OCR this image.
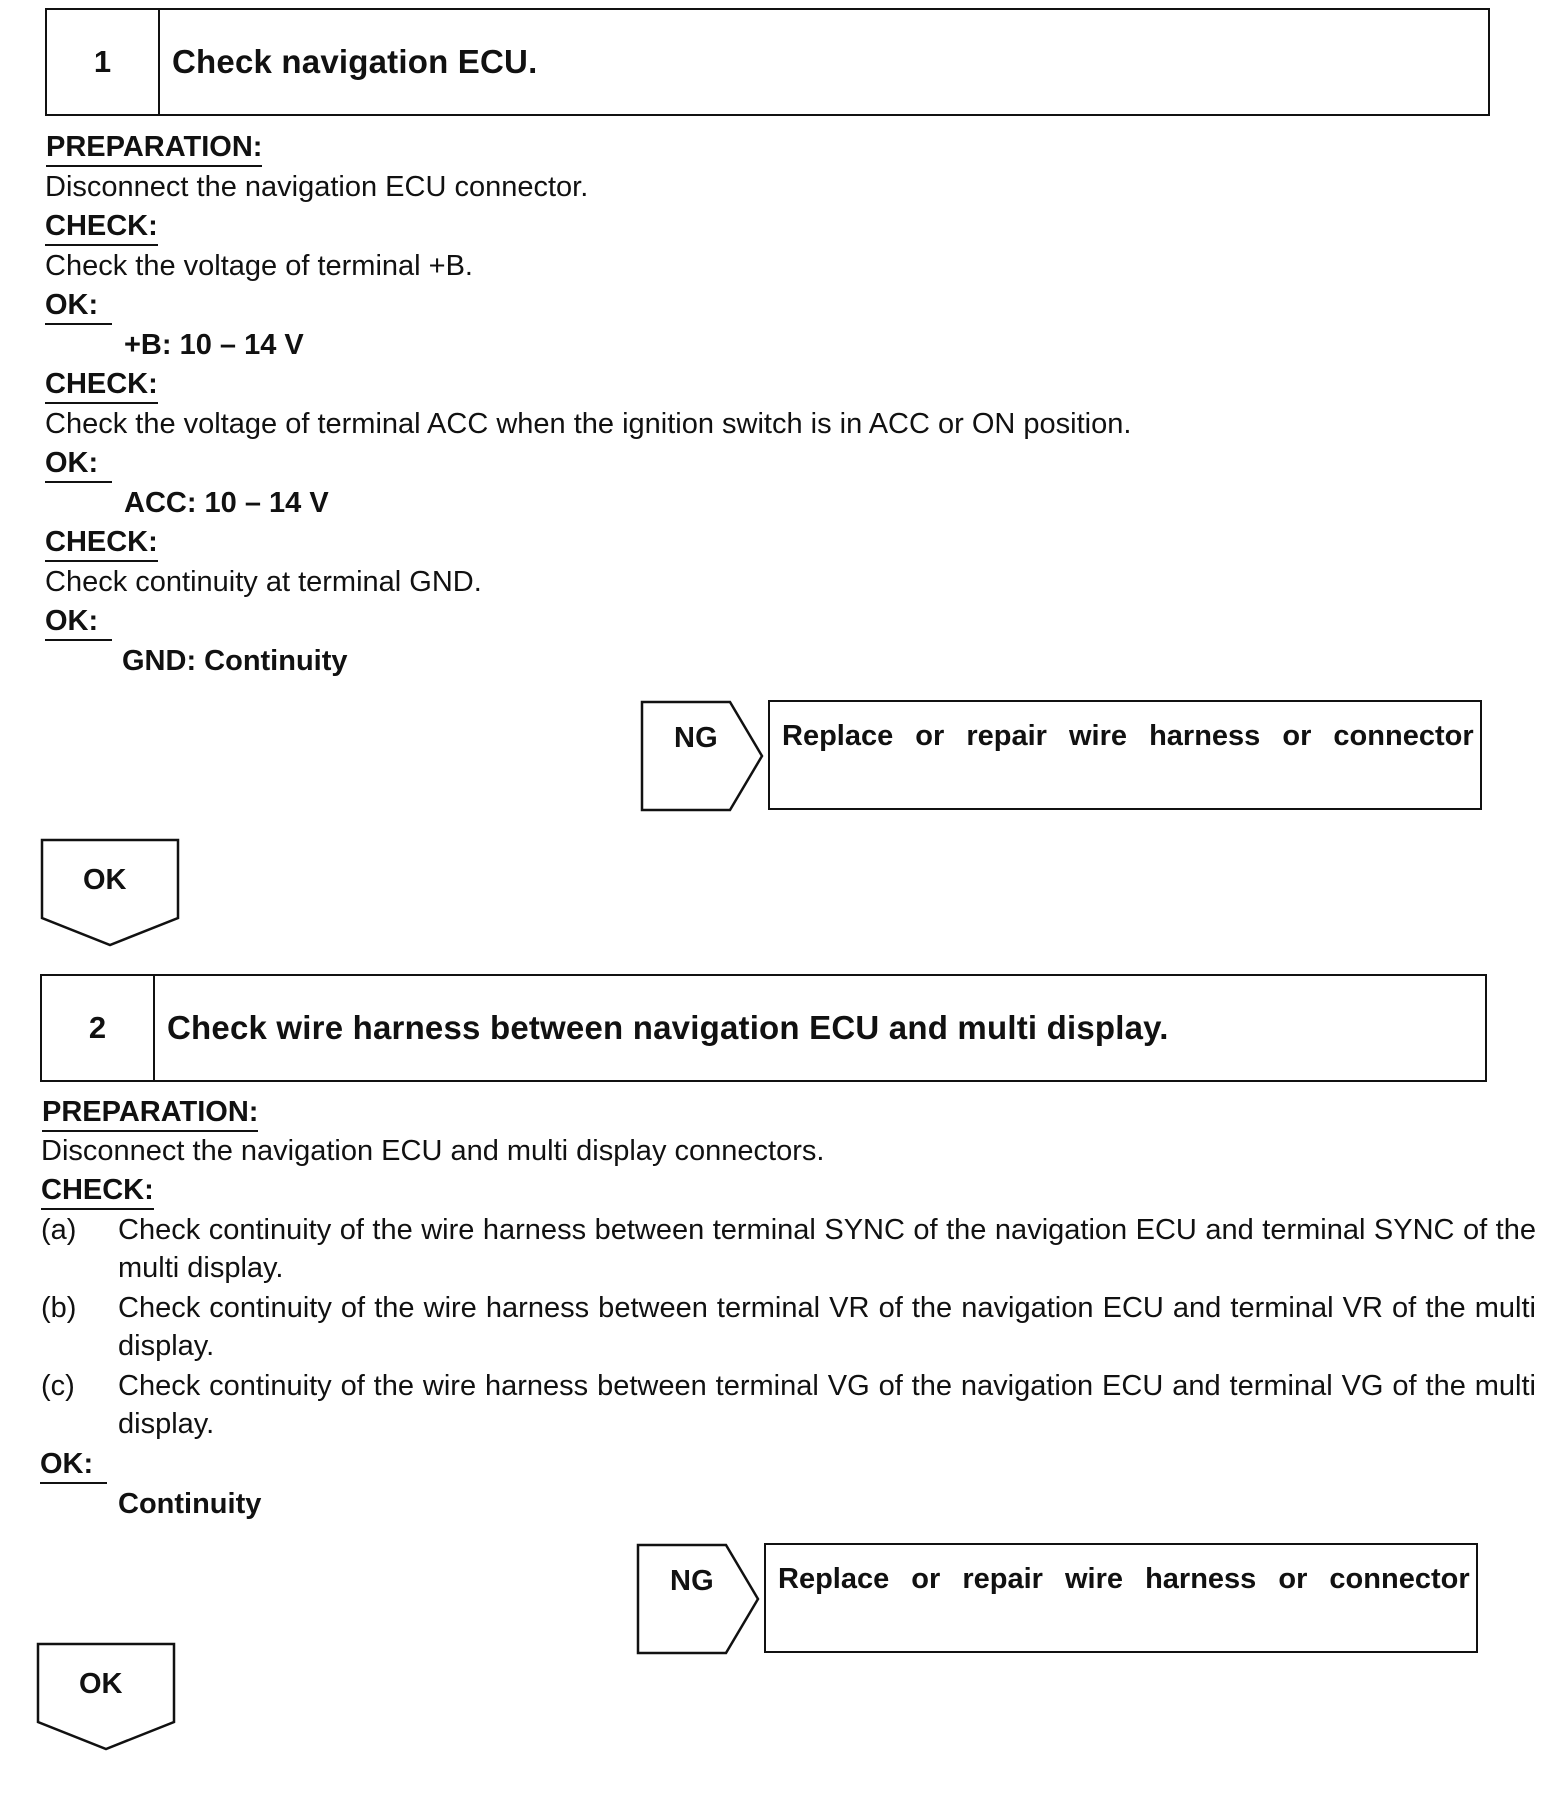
1	Check navigation ECU.
PREPARATION:
Disconnect the navigation ECU connector.
CHECK:
Check the voltage of terminal +B.
OK:
+B: 10 – 14 V
CHECK:
Check the voltage of terminal ACC when the ignition switch is in ACC or ON position.
OK:
ACC: 10 – 14 V
CHECK:
Check continuity at terminal GND.
OK:
GND: Continuity
NG	Replace or repair wire harness or connector
OK
2	Check wire harness between navigation ECU and multi display.
PREPARATION:
Disconnect the navigation ECU and multi display connectors.
CHECK:
(a) Check continuity of the wire harness between terminal SYNC of the navigation ECU and terminal SYNC of the multi display.
(b) Check continuity of the wire harness between terminal VR of the navigation ECU and terminal VR of the multi display.
(c) Check continuity of the wire harness between terminal VG of the navigation ECU and terminal VG of the multi display.
OK:
Continuity
NG	Replace or repair wire harness or connector
OK
